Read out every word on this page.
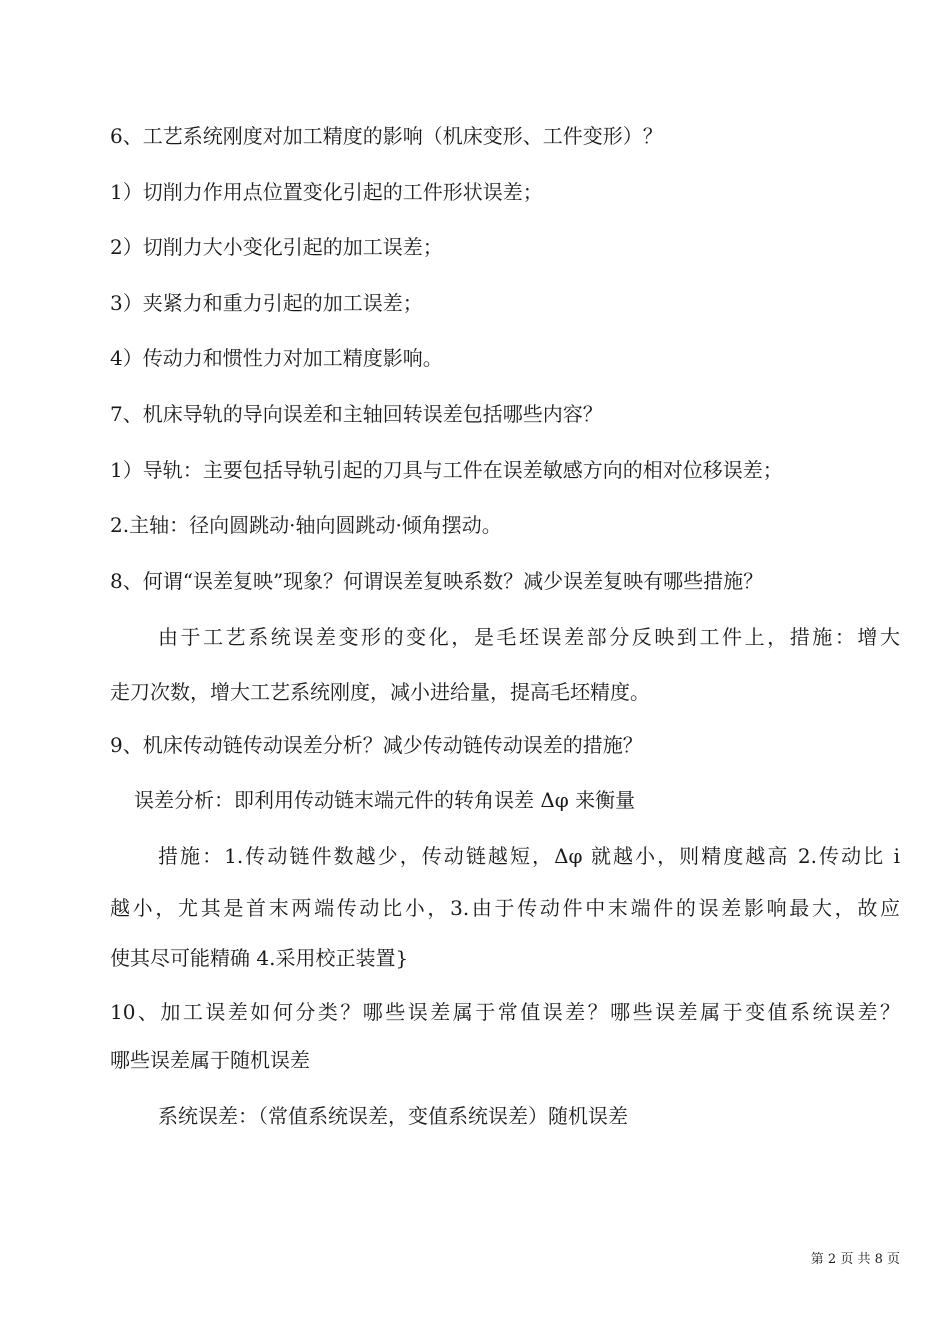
6、工艺系统刚度对加工精度的影响（机床变形、工件变形）？
1）切削力作用点位置变化引起的工件形状误差；
2）切削力大小变化引起的加工误差；
3）夹紧力和重力引起的加工误差；
4）传动力和惯性力对加工精度影响。
7、机床导轨的导向误差和主轴回转误差包括哪些内容？
1）导轨：主要包括导轨引起的刀具与工件在误差敏感方向的相对位移误差；
2.主轴：径向圆跳动·轴向圆跳动·倾角摆动。
8、何谓“误差复映”现象？何谓误差复映系数？减少误差复映有哪些措施？
由于工艺系统误差变形的变化，是毛坯误差部分反映到工件上，措施：增大
走刀次数，增大工艺系统刚度，减小进给量，提高毛坯精度。
9、机床传动链传动误差分析？减少传动链传动误差的措施？
误差分析：即利用传动链末端元件的转角误差 Δφ 来衡量
措施：1.传动链件数越少，传动链越短，Δφ 就越小，则精度越高 2.传动比 i
越小，尤其是首末两端传动比小，3.由于传动件中末端件的误差影响最大，故应
使其尽可能精确 4.采用校正装置}
10、加工误差如何分类？哪些误差属于常值误差？哪些误差属于变值系统误差？
哪些误差属于随机误差
系统误差：（常值系统误差，变值系统误差）随机误差
第 2 页 共 8 页
